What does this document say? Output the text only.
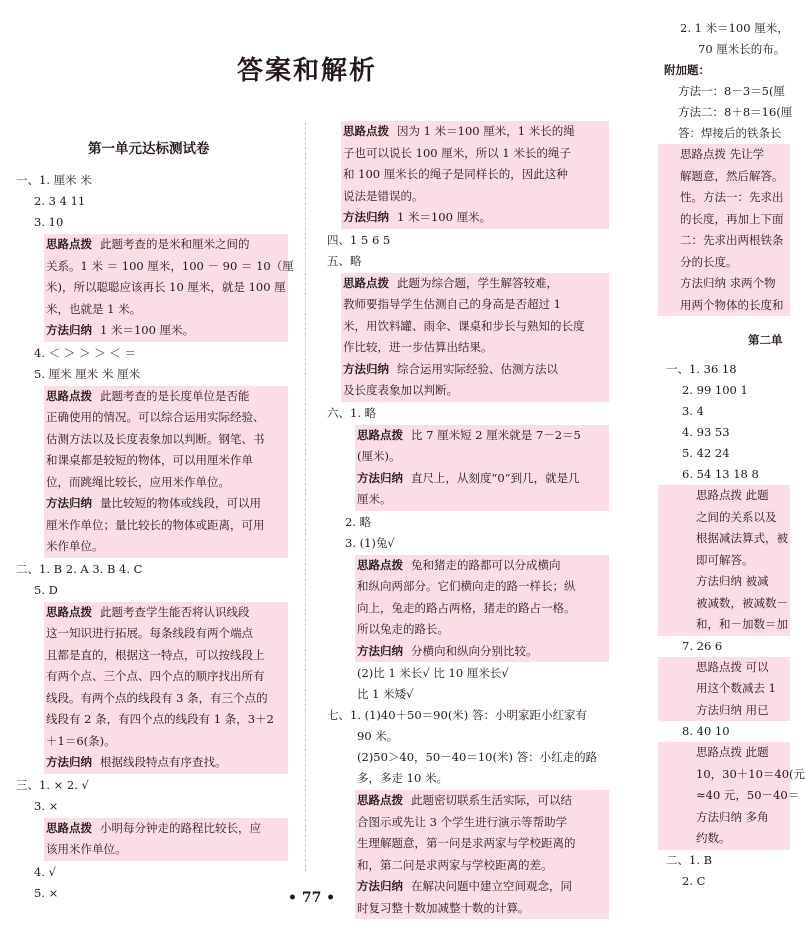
答案和解析
第一单元达标测试卷
一、1. 厘米 米
2. 3 4 11
3. 10
思路点拨 此题考查的是米和厘米之间的
关系。1 米 ＝ 100 厘米，100 － 90 ＝ 10（厘
米)，所以聪聪应该再长 10 厘米，就是 100 厘
米，也就是 1 米。
方法归纳 1 米＝100 厘米。
4. ＜ ＞ ＞ ＞ ＜ ＝
5. 厘米 厘米 米 厘米
思路点拨 此题考查的是长度单位是否能
正确使用的情况。可以综合运用实际经验、
估测方法以及长度表象加以判断。钢笔、书
和课桌都是较短的物体，可以用厘米作单
位，而跳绳比较长，应用米作单位。
方法归纳 量比较短的物体或线段，可以用
厘米作单位；量比较长的物体或距离，可用
米作单位。
二、1. B 2. A 3. B 4. C
5. D
思路点拨 此题考查学生能否将认识线段
这一知识进行拓展。每条线段有两个端点
且都是直的，根据这一特点，可以按线段上
有两个点、三个点、四个点的顺序找出所有
线段。有两个点的线段有 3 条，有三个点的
线段有 2 条，有四个点的线段有 1 条，3＋2
＋1＝6(条)。
方法归纳 根据线段特点有序查找。
三、1. × 2. √
3. ×
思路点拨 小明每分钟走的路程比较长，应
该用米作单位。
4. √
5. ×
思路点拨 因为 1 米＝100 厘米，1 米长的绳
子也可以说长 100 厘米，所以 1 米长的绳子
和 100 厘米长的绳子是同样长的，因此这种
说法是错误的。
方法归纳 1 米＝100 厘米。
四、1 5 6 5
五、略
思路点拨 此题为综合题，学生解答较难，
教师要指导学生估测自己的身高是否超过 1
米，用饮料罐、雨伞、课桌和步长与熟知的长度
作比较，进一步估算出结果。
方法归纳 综合运用实际经验、估测方法以
及长度表象加以判断。
六、1. 略
思路点拨 比 7 厘米短 2 厘米就是 7－2＝5
(厘米)。
方法归纳 直尺上，从刻度“0”到几，就是几
厘米。
2. 略
3. (1)兔√
思路点拨 兔和猪走的路都可以分成横向
和纵向两部分。它们横向走的路一样长；纵
向上，兔走的路占两格，猪走的路占一格。
所以兔走的路长。
方法归纳 分横向和纵向分别比较。
(2)比 1 米长√ 比 10 厘米长√
比 1 米矮√
七、1. (1)40＋50＝90(米) 答：小明家距小红家有
90 米。
(2)50＞40，50－40＝10(米) 答：小红走的路
多，多走 10 米。
思路点拨 此题密切联系生活实际，可以结
合图示或先让 3 个学生进行演示等帮助学
生理解题意，第一问是求两家与学校距离的
和，第二问是求两家与学校距离的差。
方法归纳 在解决问题中建立空间观念，同
时复习整十数加减整十数的计算。
2. 1 米＝100 厘米，
70 厘米长的布。
附加题：
方法一：8－3＝5(厘
方法二：8＋8＝16(厘
答：焊接后的铁条长
思路点拨 先让学
解题意，然后解答。
性。方法一：先求出
的长度，再加上下面
二：先求出两根铁条
分的长度。
方法归纳 求两个物
用两个物体的长度和
第二单
一、1. 36 18
2. 99 100 1
3. 4
4. 93 53
5. 42 24
6. 54 13 18 8
思路点拨 此题
之间的关系以及
根据减法算式，被
即可解答。
方法归纳 被减
被减数，被减数－
和，和－加数＝加
7. 26 6
思路点拨 可以
用这个数减去 1
方法归纳 用已
8. 40 10
思路点拨 此题
10，30＋10＝40(元
≈40 元，50－40＝
方法归纳 多角
约数。
二、1. B
2. C
• 77 •
